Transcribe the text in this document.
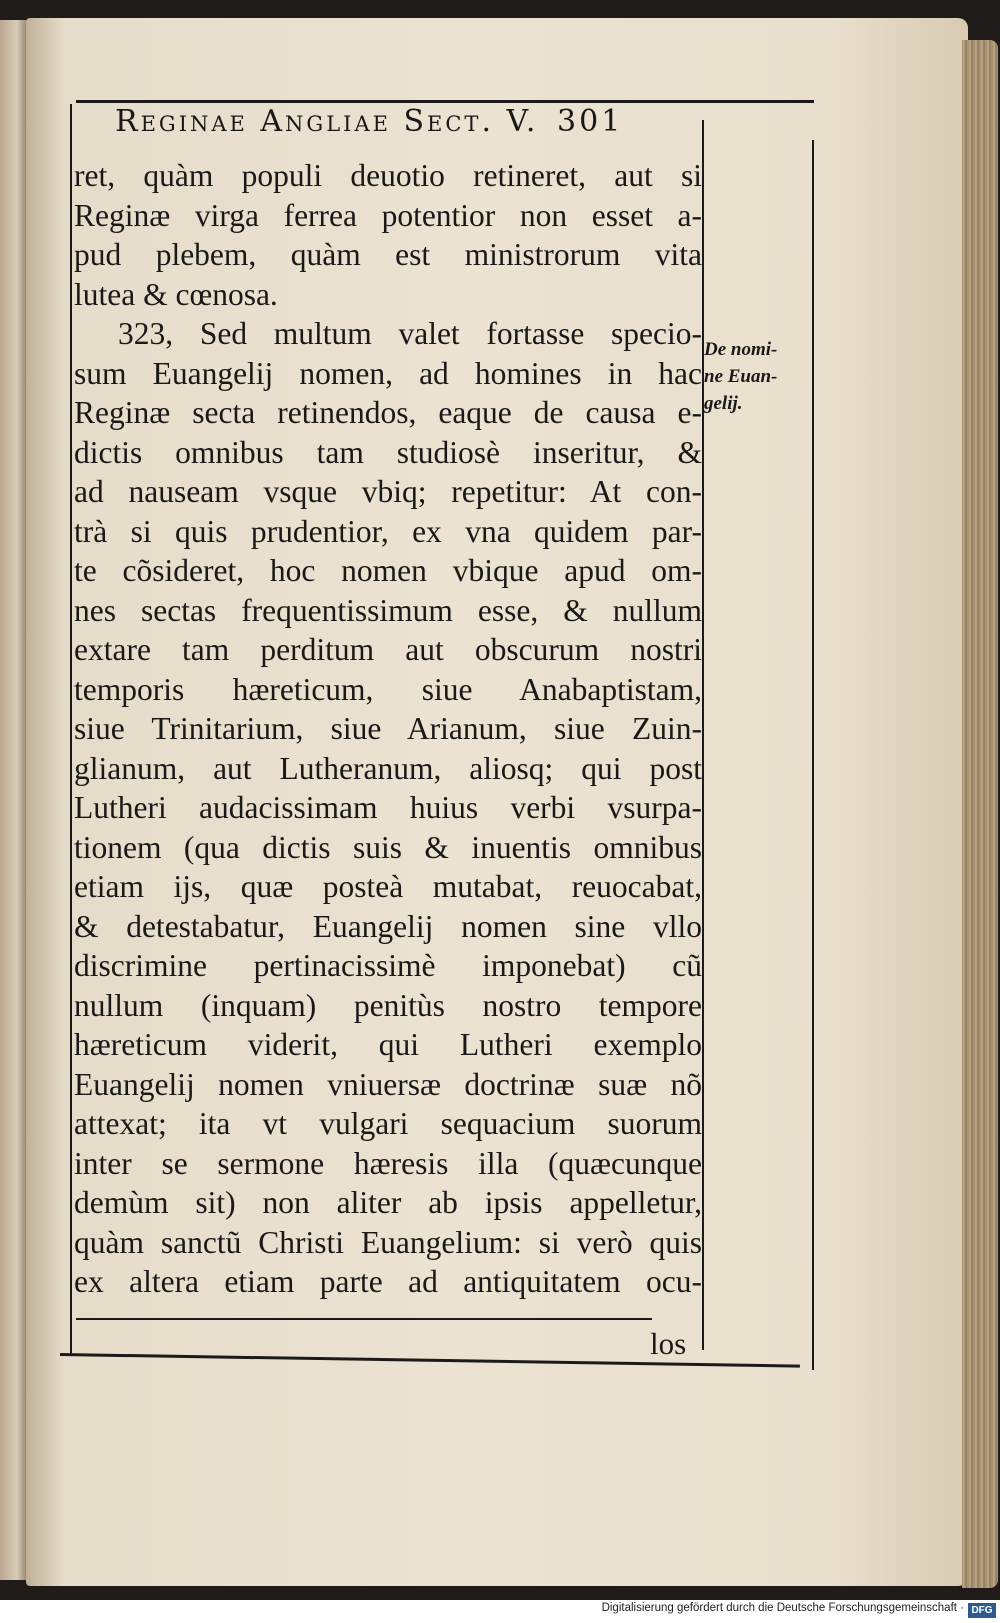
Reginae Angliae Sect. V. 301
ret, quàm populi deuotio retineret, aut si
Reginæ virga ferrea potentior non esset a-
pud plebem, quàm est ministrorum vita
lutea & cœnosa.
323, Sed multum valet fortasse specio-
sum Euangelij nomen, ad homines in hac
Reginæ secta retinendos, eaque de causa e-
dictis omnibus tam studiosè inseritur, &
ad nauseam vsque vbiq; repetitur: At con-
trà si quis prudentior, ex vna quidem par-
te cõsideret, hoc nomen vbique apud om-
nes sectas frequentissimum esse, & nullum
extare tam perditum aut obscurum nostri
temporis hæreticum, siue Anabaptistam,
siue Trinitarium, siue Arianum, siue Zuin-
glianum, aut Lutheranum, aliosq; qui post
Lutheri audacissimam huius verbi vsurpa-
tionem (qua dictis suis & inuentis omnibus
etiam ijs, quæ posteà mutabat, reuocabat,
& detestabatur, Euangelij nomen sine vllo
discrimine pertinacissimè imponebat) cũ
nullum (inquam) penitùs nostro tempore
hæreticum viderit, qui Lutheri exemplo
Euangelij nomen vniuersæ doctrinæ suæ nõ
attexat; ita vt vulgari sequacium suorum
inter se sermone hæresis illa (quæcunque
demùm sit) non aliter ab ipsis appelletur,
quàm sanctũ Christi Euangelium: si verò quis
ex altera etiam parte ad antiquitatem ocu-
De nomi-
ne Euan-
gelij.
los
Digitalisierung gefördert durch die Deutsche Forschungsgemeinschaft · DFG
